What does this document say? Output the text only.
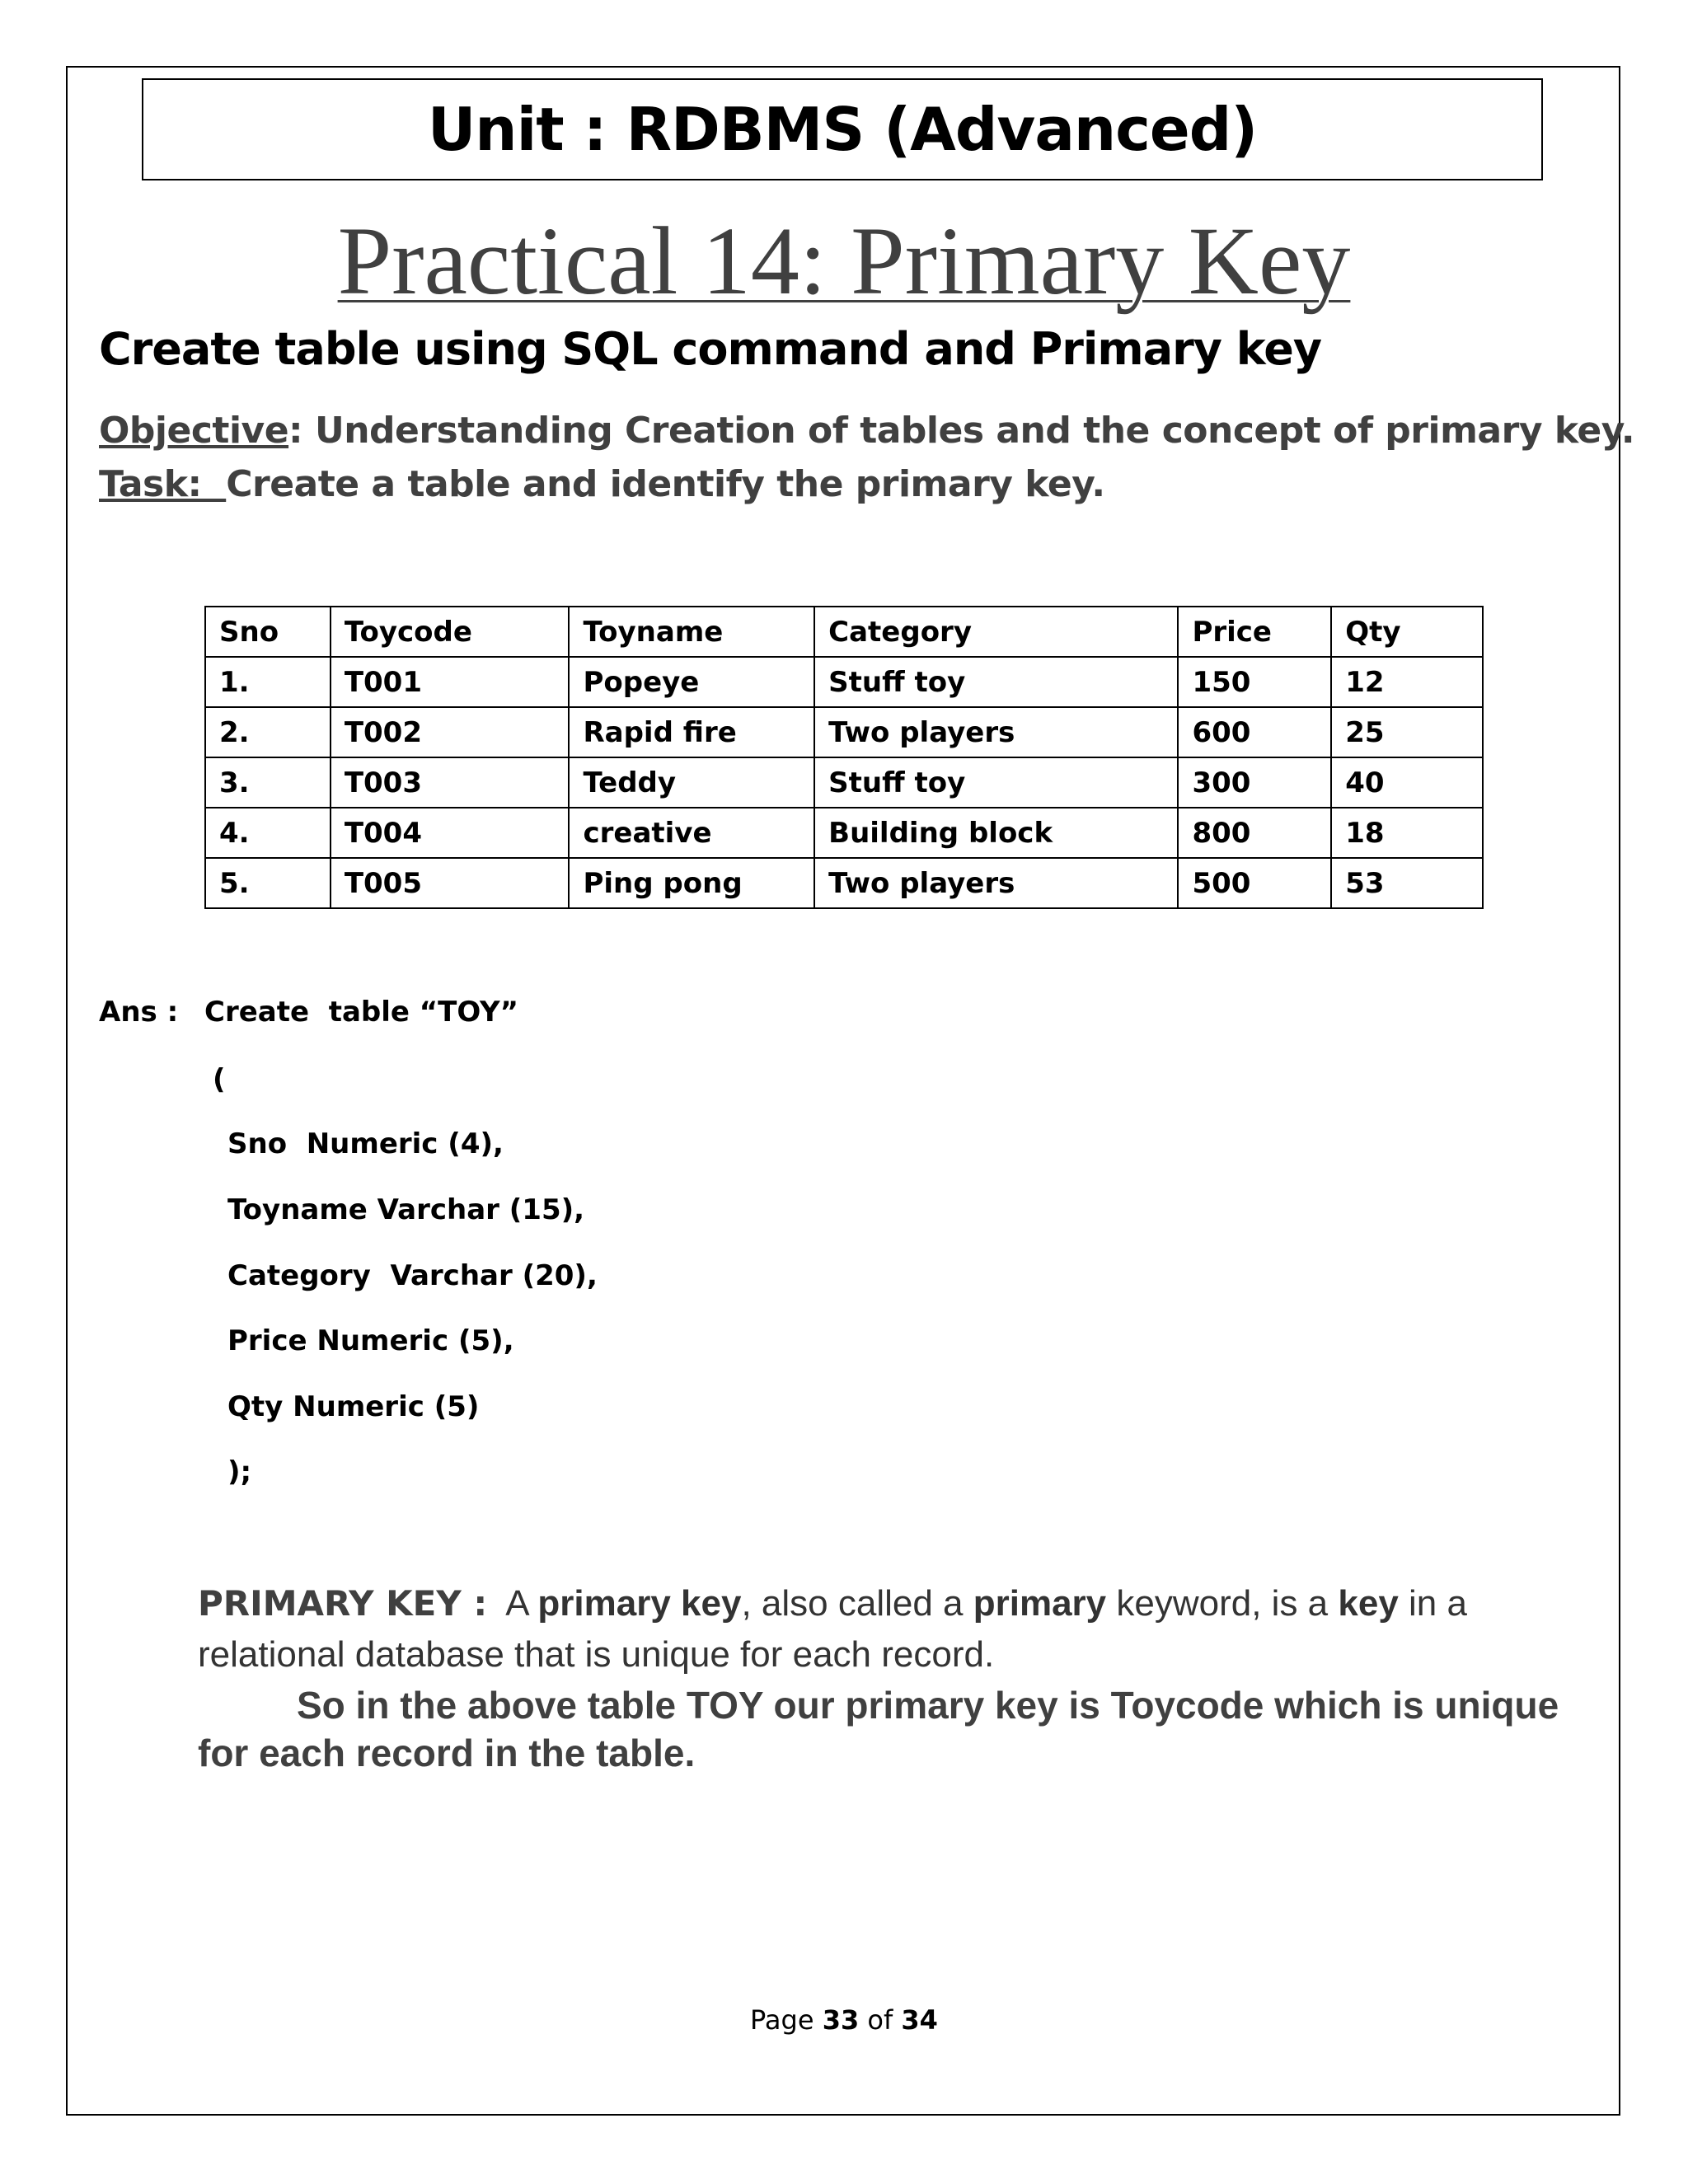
Unit : RDBMS (Advanced)
Practical 14: Primary Key
Create table using SQL command and Primary key
Objective: Understanding Creation of tables and the concept of primary key.
Task:  Create a table and identify the primary key.
Sno	Toycode	Toyname	Category	Price	Qty
1.	T001	Popeye	Stuff toy	150	12
2.	T002	Rapid fire	Two players	600	25
3.	T003	Teddy	Stuff toy	300	40
4.	T004	creative	Building block	800	18
5.	T005	Ping pong	Two players	500	53
Ans : Create  table “TOY”
(
Sno  Numeric (4),
Toyname Varchar (15),
Category  Varchar (20),
Price Numeric (5),
Qty Numeric (5)
);
PRIMARY KEY : A primary key, also called a primary keyword, is a key in a relational database that is unique for each record.
So in the above table TOY our primary key is Toycode which is unique for each record in the table.
Page 33 of 34
